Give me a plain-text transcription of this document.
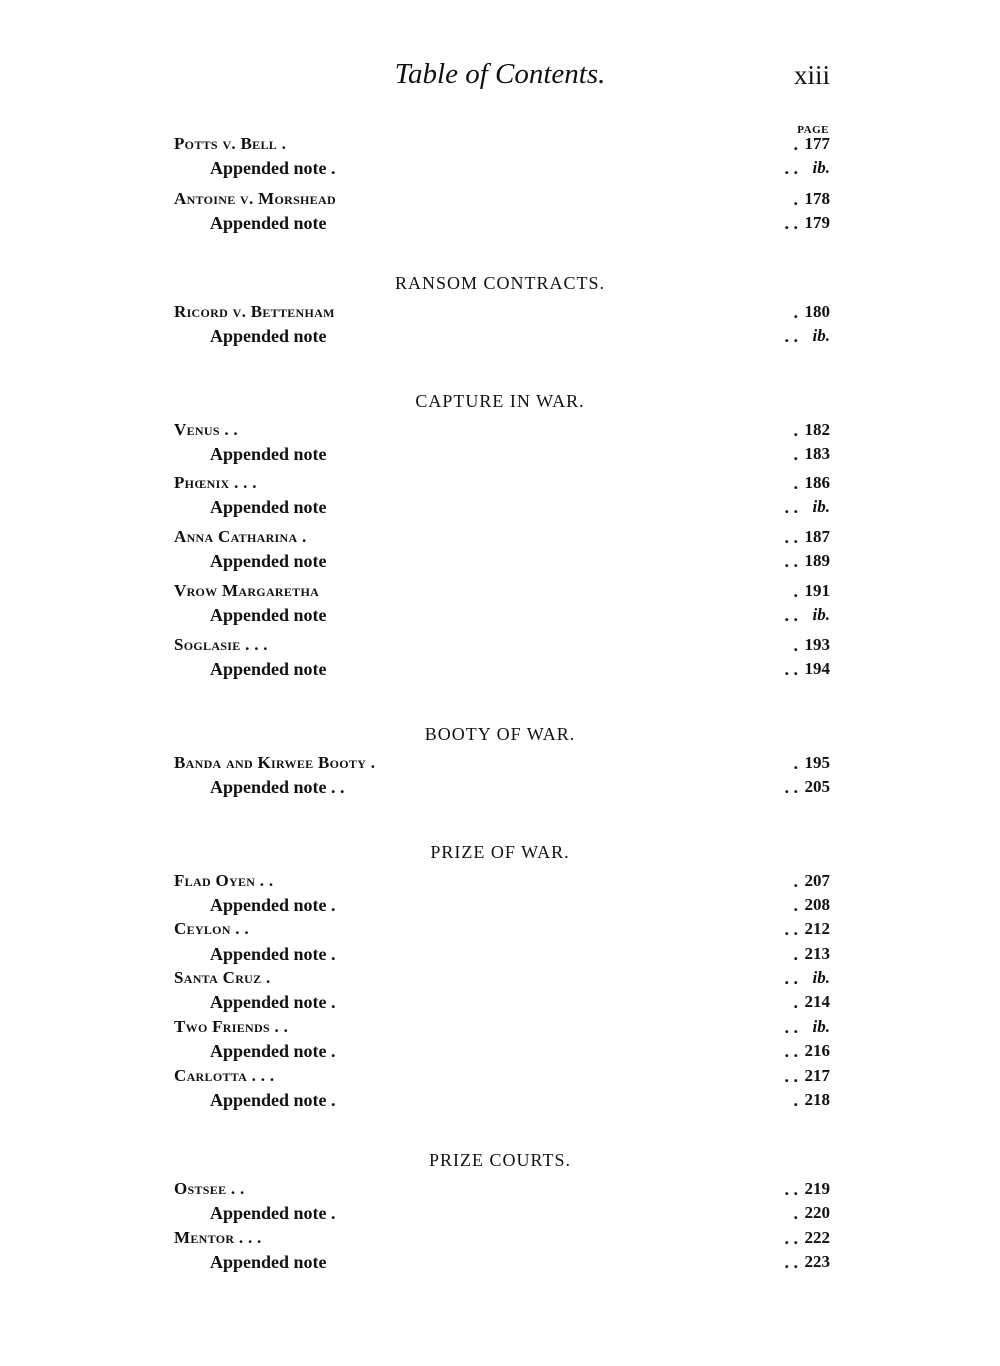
Table of Contents.	xiii
PAGE
Potts v. Bell .	. 177
Appended note .	. . ib.
Antoine v. Morshead	. 178
Appended note	. . 179
RANSOM CONTRACTS.
Ricord v. Bettenham	. 180
Appended note	. . ib.
CAPTURE IN WAR.
Venus . .	. 182
Appended note	. 183
Phœnix . . .	. 186
Appended note	. . ib.
Anna Catharina .	. . 187
Appended note	. . 189
Vrow Margaretha	. 191
Appended note	. . ib.
Soglasie . . .	. 193
Appended note	. . 194
BOOTY OF WAR.
Banda and Kirwee Booty .	. 195
Appended note . .	. . 205
PRIZE OF WAR.
Flad Oyen . .	. 207
Appended note .	. 208
Ceylon . .	. . 212
Appended note .	. 213
Santa Cruz .	. . ib.
Appended note .	. 214
Two Friends . .	. . ib.
Appended note .	. . 216
Carlotta . . .	. . 217
Appended note .	. 218
PRIZE COURTS.
Ostsee . .	. . 219
Appended note .	. 220
Mentor . . .	. . 222
Appended note	. . 223
